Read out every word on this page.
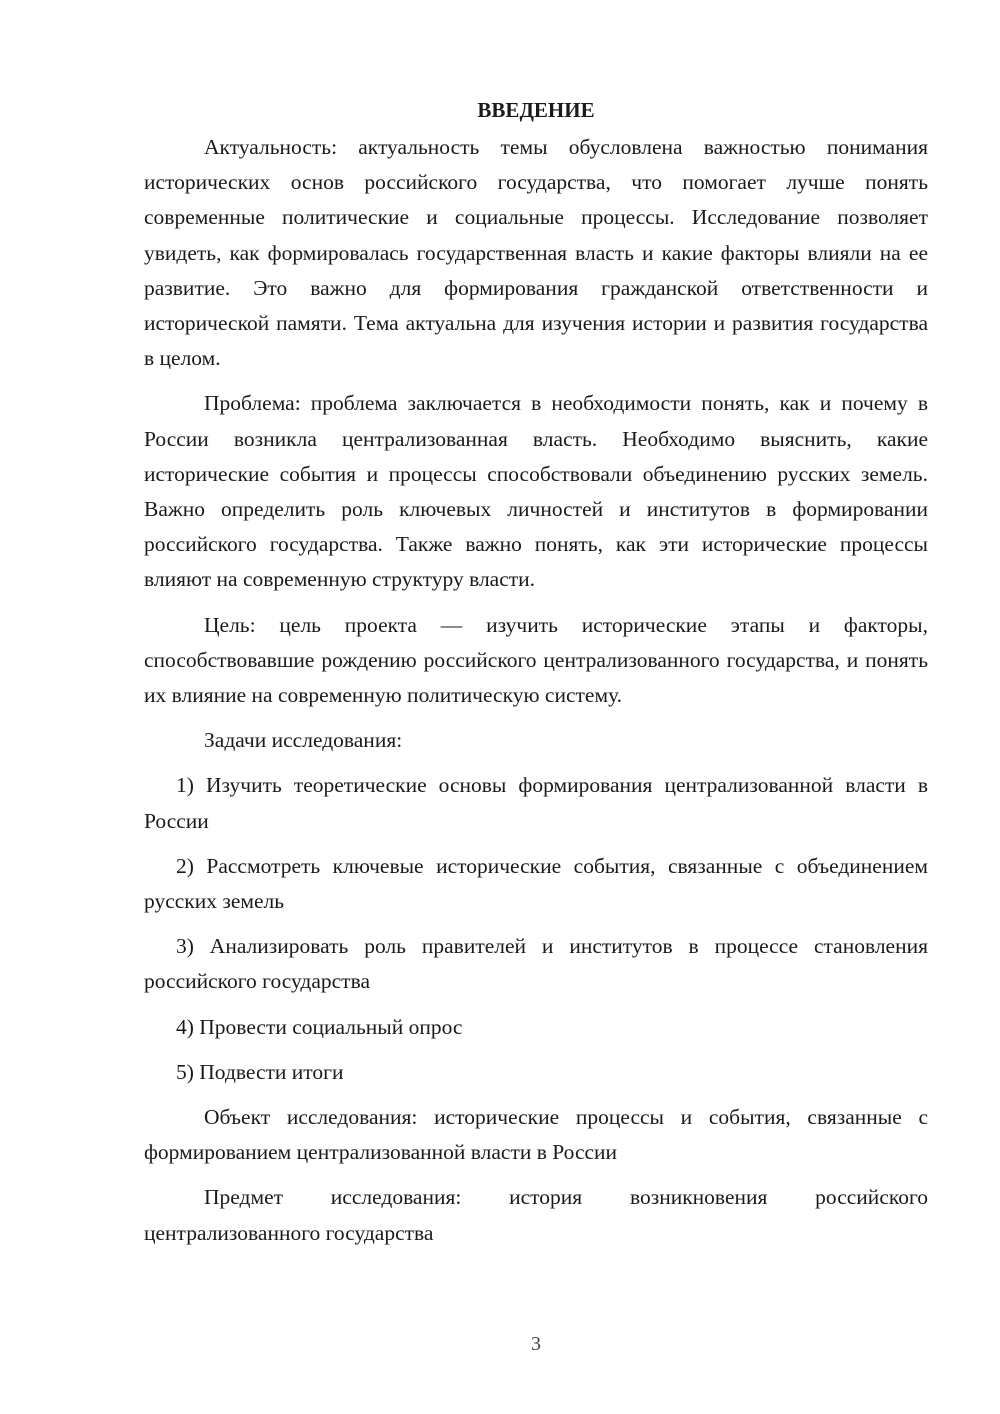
ВВЕДЕНИЕ

Актуальность: актуальность темы обусловлена важностью понимания исторических основ российского государства, что помогает лучше понять современные политические и социальные процессы. Исследование позволяет увидеть, как формировалась государственная власть и какие факторы влияли на ее развитие. Это важно для формирования гражданской ответственности и исторической памяти. Тема актуальна для изучения истории и развития государства в целом.

Проблема: проблема заключается в необходимости понять, как и почему в России возникла централизованная власть. Необходимо выяснить, какие исторические события и процессы способствовали объединению русских земель. Важно определить роль ключевых личностей и институтов в формировании российского государства. Также важно понять, как эти исторические процессы влияют на современную структуру власти.

Цель: цель проекта — изучить исторические этапы и факторы, способствовавшие рождению российского централизованного государства, и понять их влияние на современную политическую систему.

Задачи исследования:

1) Изучить теоретические основы формирования централизованной власти в России

2) Рассмотреть ключевые исторические события, связанные с объединением русских земель

3) Анализировать роль правителей и институтов в процессе становления российского государства

4) Провести социальный опрос

5) Подвести итоги

Объект исследования: исторические процессы и события, связанные с формированием централизованной власти в России

Предмет исследования: история возникновения российского централизованного государства

3
